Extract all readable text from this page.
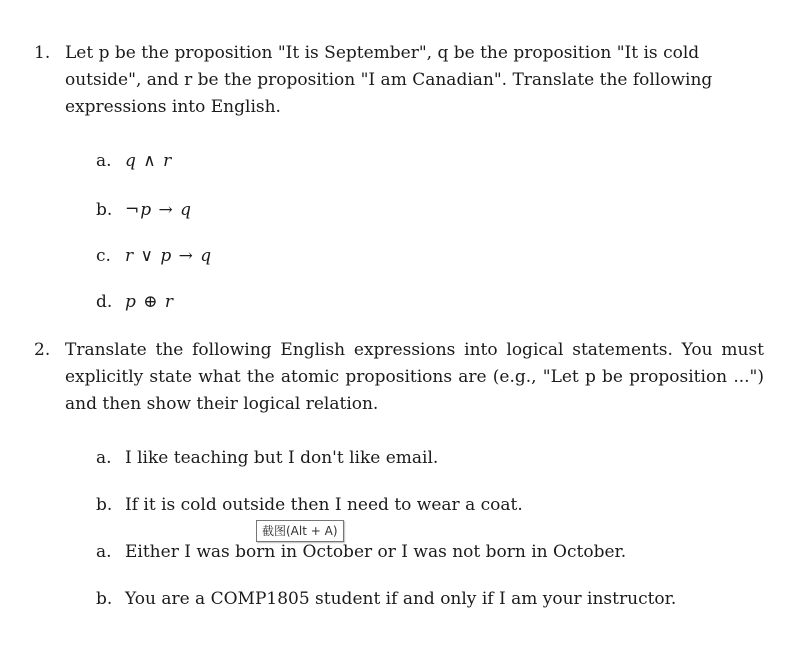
1. Let p be the proposition "It is September", q be the proposition "It is cold outside", and r be the proposition "I am Canadian". Translate the following expressions into English.
a. q ∧ r
b. ¬p → q
c. r ∨ p → q
d. p ⊕ r
2. Translate the following English expressions into logical statements. You must explicitly state what the atomic propositions are (e.g., "Let p be proposition ...") and then show their logical relation.
a. I like teaching but I don't like email.
b. If it is cold outside then I need to wear a coat.
a. Either I was born in October or I was not born in October.
b. You are a COMP1805 student if and only if I am your instructor.
截图(Alt + A)
